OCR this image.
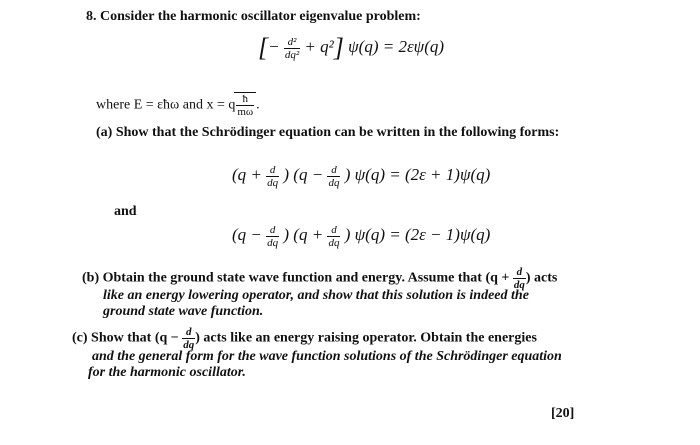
8. Consider the harmonic oscillator eigenvalue problem:
[− $\frac{\text{d²}}{\text{dq²}} + q^2$] ψ(q) = 2εψ(q)
where E = εħω and x = q $\frac{ħ}{m\omega}$ .
(a) Show that the Schrödinger equation can be written in the following forms:
($q + \frac{d}{dq}$ ) ($q - \frac{d}{dq}$ ) ψ(q) = (2ε + 1)ψ(q)
and
($q - \frac{d}{dq}$ ) ($q + \frac{d}{dq}$ ) ψ(q) = (2ε − 1)ψ(q)
(b) Obtain the ground state wave function and energy. Assume that ($q + \frac{d}{dq}$ ) acts
like an energy lowering operator, and show that this solution is indeed the
ground state wave function.
(c) Show that ($q - \frac{d}{dq}$ ) acts like an energy raising operator. Obtain the energies
and the general form for the wave function solutions of the Schrödinger equation
for the harmonic oscillator.
[20]
